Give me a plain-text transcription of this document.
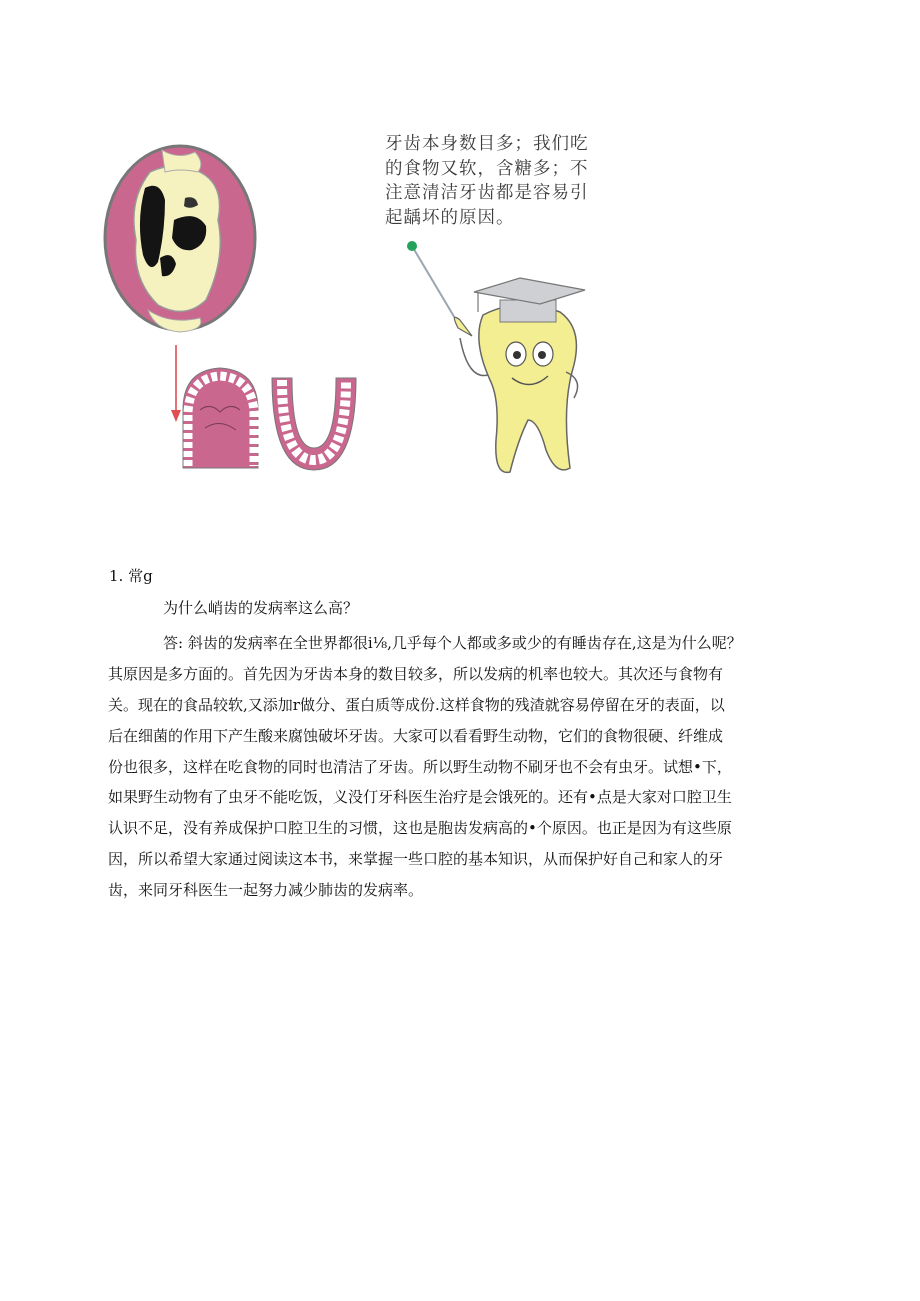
牙齿本身数目多；我们吃
的食物又软，含糖多；不
注意清洁牙齿都是容易引
起龋坏的原因。
1. 常g
为什么峭齿的发病率这么高？
答: 斜齿的发病率在全世界都很i⅛,几乎每个人都或多或少的有睡齿存在,这是为什么呢？
其原因是多方面的。首先因为牙齿本身的数目较多，所以发病的机率也较大。其次还与食物有
关。现在的食品较软,又添加r做分、蛋白质等成份.这样食物的残渣就容易停留在牙的表面，以
后在细菌的作用下产生酸来腐蚀破坏牙齿。大家可以看看野生动物，它们的食物很硬、纤维成
份也很多，这样在吃食物的同时也清洁了牙齿。所以野生动物不刷牙也不会有虫牙。试想•下，
如果野生动物有了虫牙不能吃饭，义没仃牙科医生治疗是会饿死的。还有•点是大家对口腔卫生
认识不足，没有养成保护口腔卫生的习惯，这也是胞齿发病高的•个原因。也正是因为有这些原
因，所以希望大家通过阅读这本书，来掌握一些口腔的基本知识，从而保护好自己和家人的牙
齿，来同牙科医生一起努力减少肺齿的发病率。
